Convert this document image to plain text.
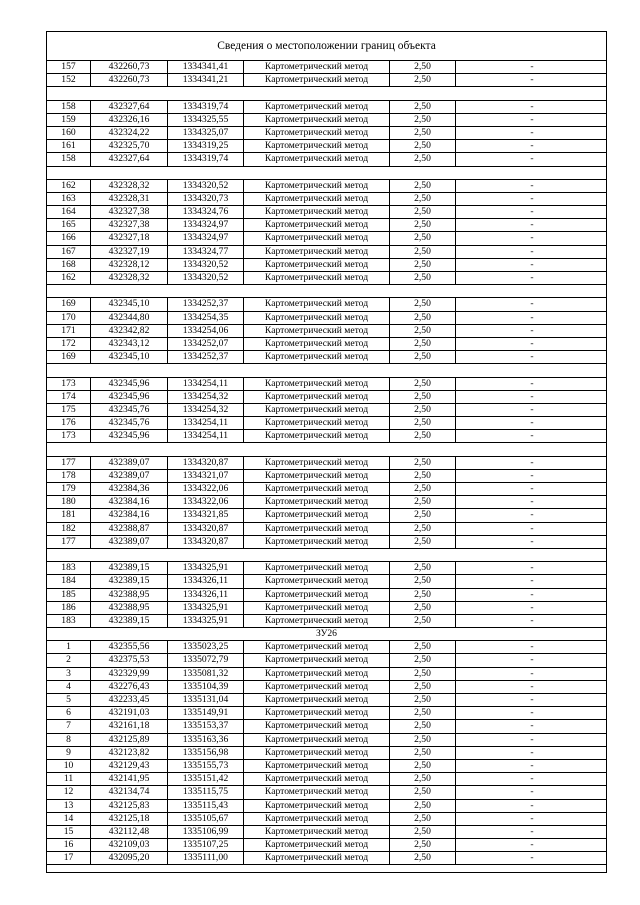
Сведения о местоположении границ объекта
157	432260,73	1334341,41	Картометрический метод	2,50	-
152	432260,73	1334341,21	Картометрический метод	2,50	-
158	432327,64	1334319,74	Картометрический метод	2,50	-
159	432326,16	1334325,55	Картометрический метод	2,50	-
160	432324,22	1334325,07	Картометрический метод	2,50	-
161	432325,70	1334319,25	Картометрический метод	2,50	-
158	432327,64	1334319,74	Картометрический метод	2,50	-
162	432328,32	1334320,52	Картометрический метод	2,50	-
163	432328,31	1334320,73	Картометрический метод	2,50	-
164	432327,38	1334324,76	Картометрический метод	2,50	-
165	432327,38	1334324,97	Картометрический метод	2,50	-
166	432327,18	1334324,97	Картометрический метод	2,50	-
167	432327,19	1334324,77	Картометрический метод	2,50	-
168	432328,12	1334320,52	Картометрический метод	2,50	-
162	432328,32	1334320,52	Картометрический метод	2,50	-
169	432345,10	1334252,37	Картометрический метод	2,50	-
170	432344,80	1334254,35	Картометрический метод	2,50	-
171	432342,82	1334254,06	Картометрический метод	2,50	-
172	432343,12	1334252,07	Картометрический метод	2,50	-
169	432345,10	1334252,37	Картометрический метод	2,50	-
173	432345,96	1334254,11	Картометрический метод	2,50	-
174	432345,96	1334254,32	Картометрический метод	2,50	-
175	432345,76	1334254,32	Картометрический метод	2,50	-
176	432345,76	1334254,11	Картометрический метод	2,50	-
173	432345,96	1334254,11	Картометрический метод	2,50	-
177	432389,07	1334320,87	Картометрический метод	2,50	-
178	432389,07	1334321,07	Картометрический метод	2,50	-
179	432384,36	1334322,06	Картометрический метод	2,50	-
180	432384,16	1334322,06	Картометрический метод	2,50	-
181	432384,16	1334321,85	Картометрический метод	2,50	-
182	432388,87	1334320,87	Картометрический метод	2,50	-
177	432389,07	1334320,87	Картометрический метод	2,50	-
183	432389,15	1334325,91	Картометрический метод	2,50	-
184	432389,15	1334326,11	Картометрический метод	2,50	-
185	432388,95	1334326,11	Картометрический метод	2,50	-
186	432388,95	1334325,91	Картометрический метод	2,50	-
183	432389,15	1334325,91	Картометрический метод	2,50	-
ЗУ26
1	432355,56	1335023,25	Картометрический метод	2,50	-
2	432375,53	1335072,79	Картометрический метод	2,50	-
3	432329,99	1335081,32	Картометрический метод	2,50	-
4	432276,43	1335104,39	Картометрический метод	2,50	-
5	432233,45	1335131,04	Картометрический метод	2,50	-
6	432191,03	1335149,91	Картометрический метод	2,50	-
7	432161,18	1335153,37	Картометрический метод	2,50	-
8	432125,89	1335163,36	Картометрический метод	2,50	-
9	432123,82	1335156,98	Картометрический метод	2,50	-
10	432129,43	1335155,73	Картометрический метод	2,50	-
11	432141,95	1335151,42	Картометрический метод	2,50	-
12	432134,74	1335115,75	Картометрический метод	2,50	-
13	432125,83	1335115,43	Картометрический метод	2,50	-
14	432125,18	1335105,67	Картометрический метод	2,50	-
15	432112,48	1335106,99	Картометрический метод	2,50	-
16	432109,03	1335107,25	Картометрический метод	2,50	-
17	432095,20	1335111,00	Картометрический метод	2,50	-
